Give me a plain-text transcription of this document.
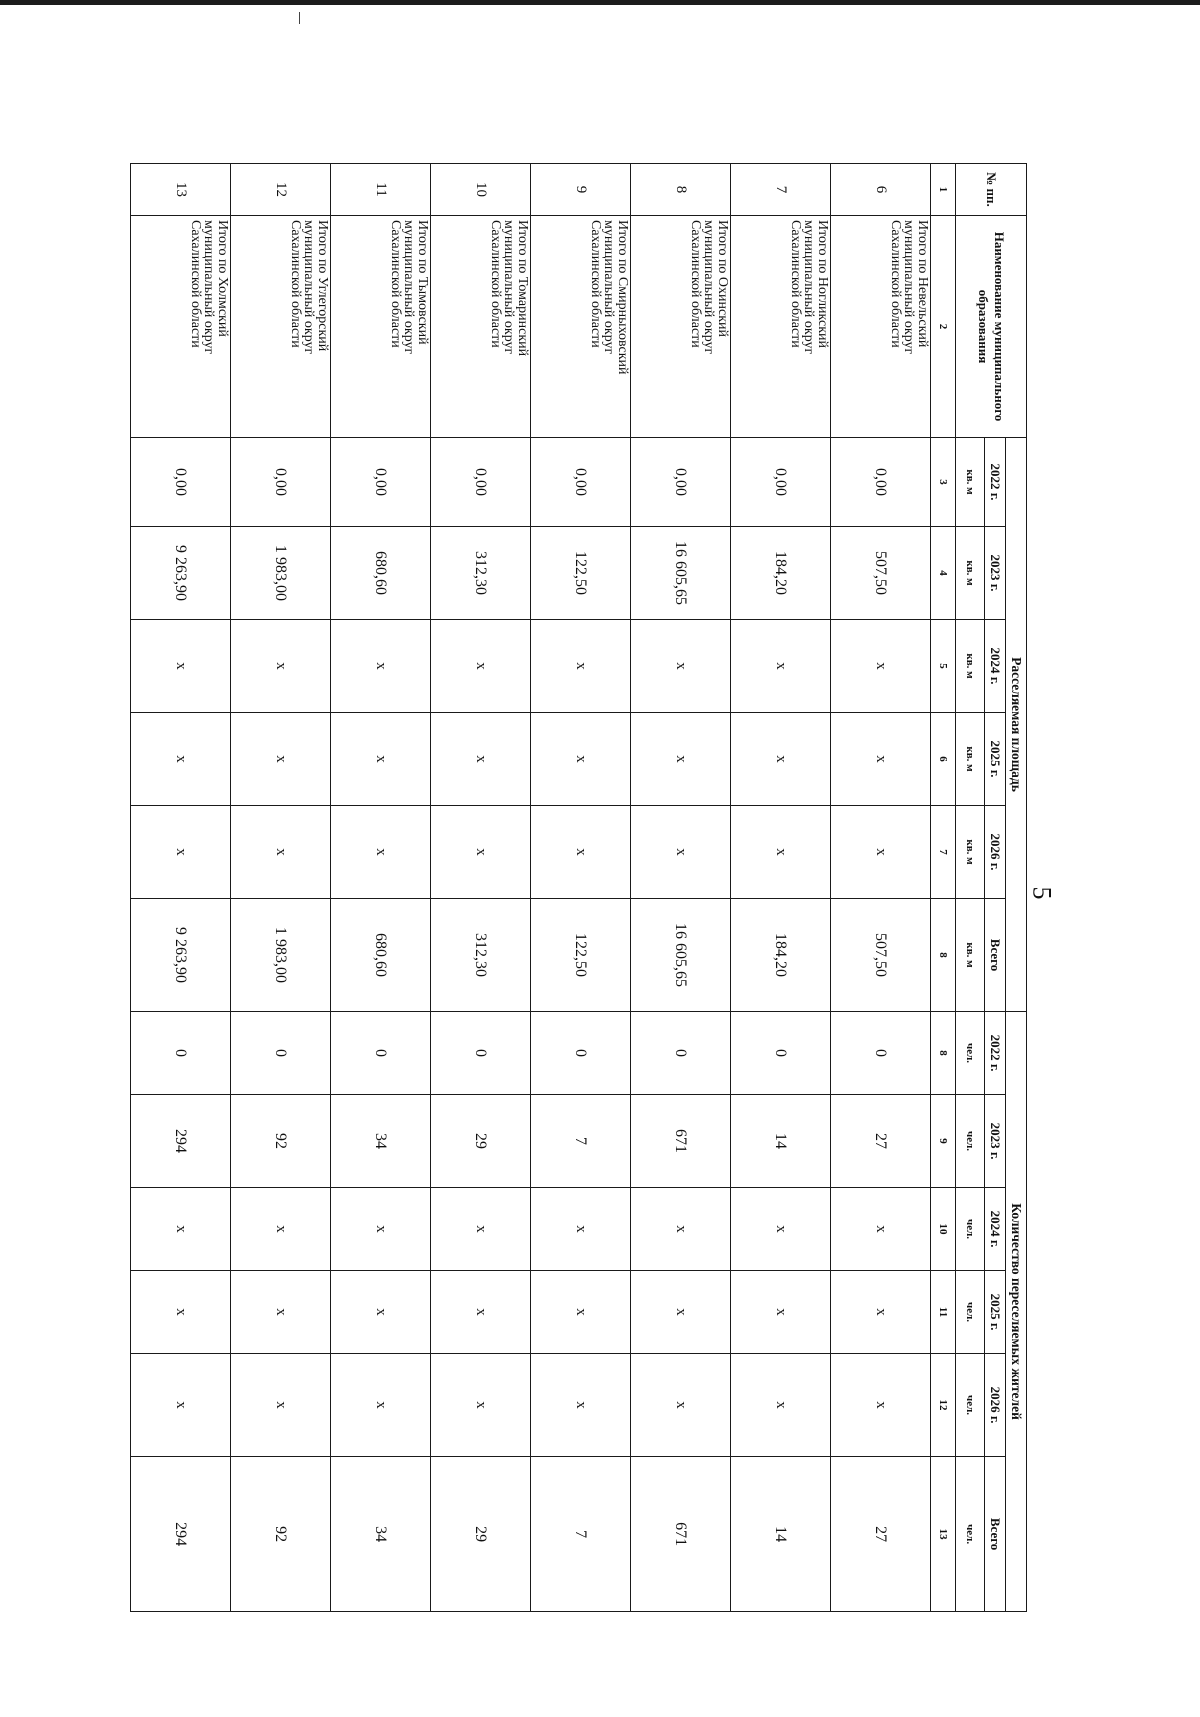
5
№ пп.	Наименование муниципального образования	Расселяемая площадь						Количество переселяемых жителей					
		2022 г.	2023 г.	2024 г.	2025 г.	2026 г.	Всего	2022 г.	2023 г.	2024 г.	2025 г.	2026 г.	Всего
		кв. м	кв. м	кв. м	кв. м	кв. м	кв. м	чел.	чел.	чел.	чел.	чел.	чел.
1	2	3	4	5	6	7	8	8	9	10	11	12	13
6	Итого по Невельский муниципальный округ Сахалинской области	0,00	507,50	x	x	x	507,50	0	27	x	x	x	27
7	Итого по Ногликский муниципальный округ Сахалинской области	0,00	184,20	x	x	x	184,20	0	14	x	x	x	14
8	Итого по Охинский муниципальный округ Сахалинской области	0,00	16 605,65	x	x	x	16 605,65	0	671	x	x	x	671
9	Итого по Смирныховский муниципальный округ Сахалинской области	0,00	122,50	x	x	x	122,50	0	7	x	x	x	7
10	Итого по Томаринский муниципальный округ Сахалинской области	0,00	312,30	x	x	x	312,30	0	29	x	x	x	29
11	Итого по Тымовский муниципальный округ Сахалинской области	0,00	680,60	x	x	x	680,60	0	34	x	x	x	34
12	Итого по Углегорский муниципальный округ Сахалинской области	0,00	1 983,00	x	x	x	1 983,00	0	92	x	x	x	92
13	Итого по Холмский муниципальный округ Сахалинской области	0,00	9 263,90	x	x	x	9 263,90	0	294	x	x	x	294
